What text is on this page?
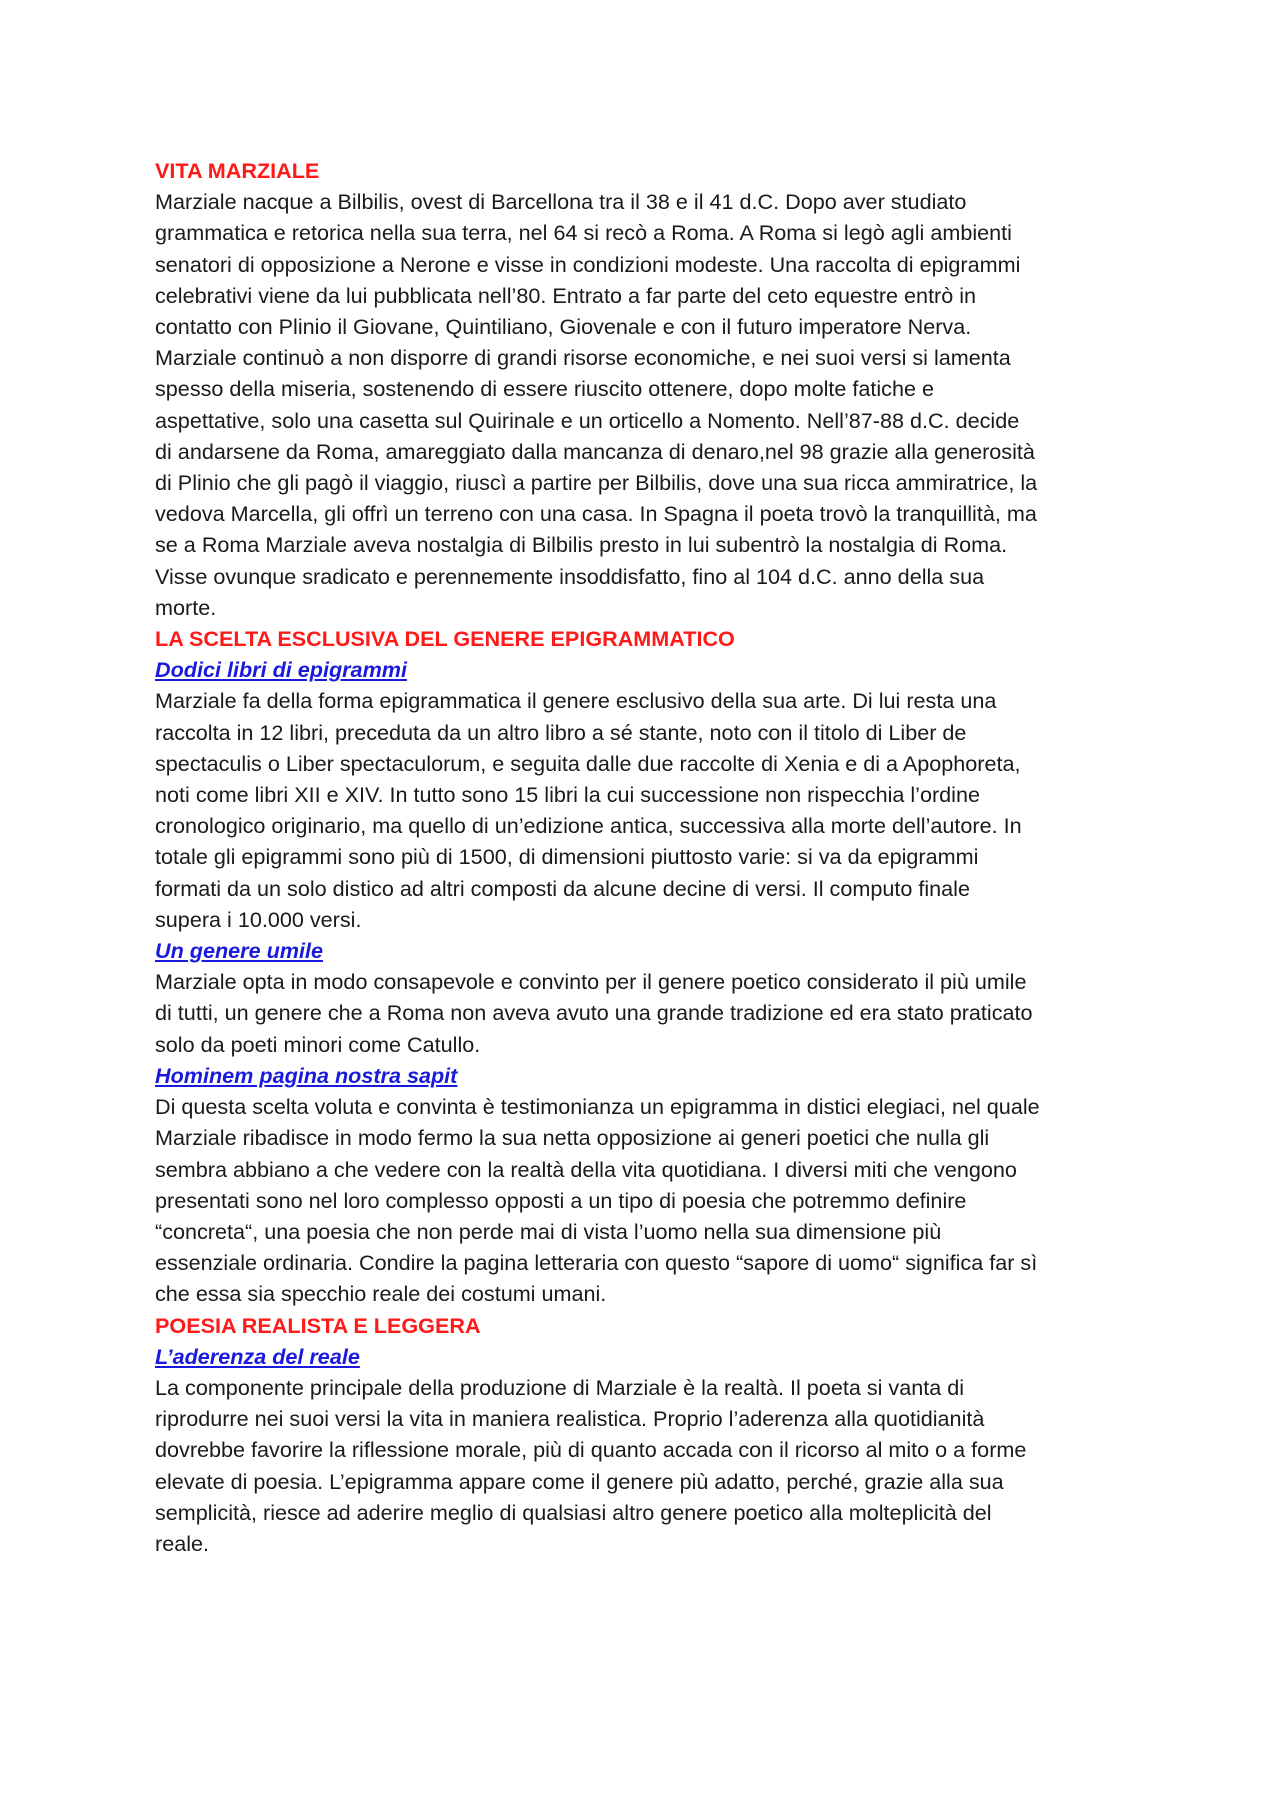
VITA MARZIALE
Marziale nacque a Bilbilis, ovest di Barcellona tra il 38 e il 41 d.C. Dopo aver studiato
grammatica e retorica nella sua terra, nel 64 si recò a Roma. A Roma si legò agli ambienti
senatori di opposizione a Nerone e visse in condizioni modeste. Una raccolta di epigrammi
celebrativi viene da lui pubblicata nell’80. Entrato a far parte del ceto equestre entrò in
contatto con Plinio il Giovane, Quintiliano, Giovenale e con il futuro imperatore Nerva.
Marziale continuò a non disporre di grandi risorse economiche, e nei suoi versi si lamenta
spesso della miseria, sostenendo di essere riuscito ottenere, dopo molte fatiche e
aspettative, solo una casetta sul Quirinale e un orticello a Nomento. Nell’87-88 d.C. decide
di andarsene da Roma, amareggiato dalla mancanza di denaro,nel 98 grazie alla generosità
di Plinio che gli pagò il viaggio, riuscì a partire per Bilbilis, dove una sua ricca ammiratrice, la
vedova Marcella, gli offrì un terreno con una casa. In Spagna il poeta trovò la tranquillità, ma
se a Roma Marziale aveva nostalgia di Bilbilis presto in lui subentrò la nostalgia di Roma.
Visse ovunque sradicato e perennemente insoddisfatto, fino al 104 d.C. anno della sua
morte.
LA SCELTA ESCLUSIVA DEL GENERE EPIGRAMMATICO
Dodici libri di epigrammi
Marziale fa della forma epigrammatica il genere esclusivo della sua arte. Di lui resta una
raccolta in 12 libri, preceduta da un altro libro a sé stante, noto con il titolo di Liber de
spectaculis o Liber spectaculorum, e seguita dalle due raccolte di Xenia e di a Apophoreta,
noti come libri XII e XIV. In tutto sono 15 libri la cui successione non rispecchia l’ordine
cronologico originario, ma quello di un’edizione antica, successiva alla morte dell’autore. In
totale gli epigrammi sono più di 1500, di dimensioni piuttosto varie: si va da epigrammi
formati da un solo distico ad altri composti da alcune decine di versi. Il computo finale
supera i 10.000 versi.
Un genere umile
Marziale opta in modo consapevole e convinto per il genere poetico considerato il più umile
di tutti, un genere che a Roma non aveva avuto una grande tradizione ed era stato praticato
solo da poeti minori come Catullo.
Hominem pagina nostra sapit
Di questa scelta voluta e convinta è testimonianza un epigramma in distici elegiaci, nel quale
Marziale ribadisce in modo fermo la sua netta opposizione ai generi poetici che nulla gli
sembra abbiano a che vedere con la realtà della vita quotidiana. I diversi miti che vengono
presentati sono nel loro complesso opposti a un tipo di poesia che potremmo definire
“concreta“, una poesia che non perde mai di vista l’uomo nella sua dimensione più
essenziale ordinaria. Condire la pagina letteraria con questo “sapore di uomo“ significa far sì
che essa sia specchio reale dei costumi umani.
POESIA REALISTA E LEGGERA
L’aderenza del reale
La componente principale della produzione di Marziale è la realtà. Il poeta si vanta di
riprodurre nei suoi versi la vita in maniera realistica. Proprio l’aderenza alla quotidianità
dovrebbe favorire la riflessione morale, più di quanto accada con il ricorso al mito o a forme
elevate di poesia. L’epigramma appare come il genere più adatto, perché, grazie alla sua
semplicità, riesce ad aderire meglio di qualsiasi altro genere poetico alla molteplicità del
reale.
